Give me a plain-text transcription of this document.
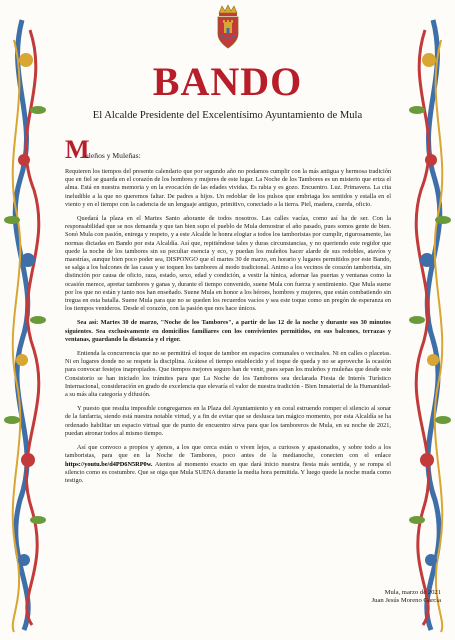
BANDO
El Alcalde Presidente del Excelentísimo Ayuntamiento de Mula
M
uleños y Muleñas:

Requieren los tiempos del presente calendario que por segundo año no podamos cumplir con la más antigua y hermosa tradición que en fiel se guarda en el corazón de los hombres y mujeres de este lugar. La Noche de los Tambores es un misterio que eriza el alma. Está en nuestra memoria y en la evocación de las edades vividas. Es rabia y es gozo. Encuentro. Luz. Primavera. La cita ineludible a la que no queremos faltar. De padres a hijos. Un redoblar de los pulsos que embriaga los sentidos y estalla en el viento y en el tiempo con la cadencia de un lenguaje antiguo, primitivo, conectado a la tierra. Piel, madera, cuerda, oficio.

Quedará la plaza en el Martes Santo añorante de todos nosotros. Las calles vacías, como así ha de ser. Con la responsabilidad que se nos demanda y que tan bien supo el pueblo de Mula demostrar el año pasado, pues somos gente de bien. Sonó Mula con pasión, entrega y respeto, y a este Alcalde le honra elogiar a todos los tamboristas por cumplir, rigurosamente, las normas dictadas en Bando por esta Alcaldía. Así que, repitiéndose tales y duras circunstancias, y no queriendo este regidor que quede la noche de los tambores sin su peculiar esencia y eco, y puedan los muleños hacer alarde de sus redobles, atavíos y maestrías, aunque bien poco poder sea, DISPONGO que el martes 30 de marzo, en horario y lugares permitidos por este Bando, se salga a los balcones de las casas y se toquen los tambores al modo tradicional. Animo a los vecinos de corazón tamborista, sin distinción por causa de oficio, raza, estado, sexo, edad y condición, a vestir la túnica, adornar las puertas y ventanas como la ocasión merece, apretar tambores y ganas y, durante el tiempo convenido, suene Mula con fuerza y sentimiento. Que Mula suene por los que no están y tanto nos han enseñado. Suene Mula en honor a los héroes, hombres y mujeres, que están combatiendo sin tregua en esta batalla. Suene Mula para que no se queden los recuerdos vacíos y sea este toque como un pregón de esperanza en los tiempos venideros. Desde el corazón, con la pasión que nos hace únicos.

Sea así: Martes 30 de marzo, "Noche de los Tambores", a partir de las 12 de la noche y durante sus 30 minutos siguientes. Sea exclusivamente en domicilios familiares con los convivientes permitidos, en sus balcones, terrazas y ventanas, guardando la distancia y el rigor.

Entienda la concurrencia que no se permitirá el toque de tambor en espacios comunales o vecinales. Ni en calles o placetas. Ni en lugares donde no se respete la disciplina. Acátese el tiempo establecido y el toque de queda y no se aproveche la ocasión para convocar festejos inapropiados. Que tiempos mejores seguro han de venir, pues sepan los muleños y muleñas que desde este Consistorio se han iniciado los trámites para que La Noche de los Tambores sea declarada Fiesta de Interés Turístico Internacional, consideración en grado de excelencia que elevaría el valor de nuestra tradición - Bien Inmaterial de la Humanidad- a su más alta categoría y difusión.

Y puesto que resulta imposible congregarnos en la Plaza del Ayuntamiento y en coral estruendo romper el silencio al sonar de la fanfarria, siendo está nuestra notable virtud, y a fin de evitar que se deslusca tan mágico momento, por esta Alcaldía se ha ordenado habilitar un espacio virtual que de punto de encuentro sirva para que los tamboreros de Mula, en su noche de 2021, puedan atronar todos al mismo tiempo.

Así que convoco a propios y ajenos, a los que cerca están o viven lejos, a curiosos y apasionados, y sobre todo a los tamboristas, para que en la Noche de Tambores, poco antes de la medianoche, conecten con el enlace https://youtu.be/d4PD6N5RP0w. Atentos al momento exacto en que dará inicio nuestra fiesta más sentida, y se rompa el silencio como es costumbre. Que se oiga que Mula SUENA durante la media hora permitida. Y luego quede la noche muda como testigo.

Mula, marzo de 2021
Juan Jesús Moreno García
